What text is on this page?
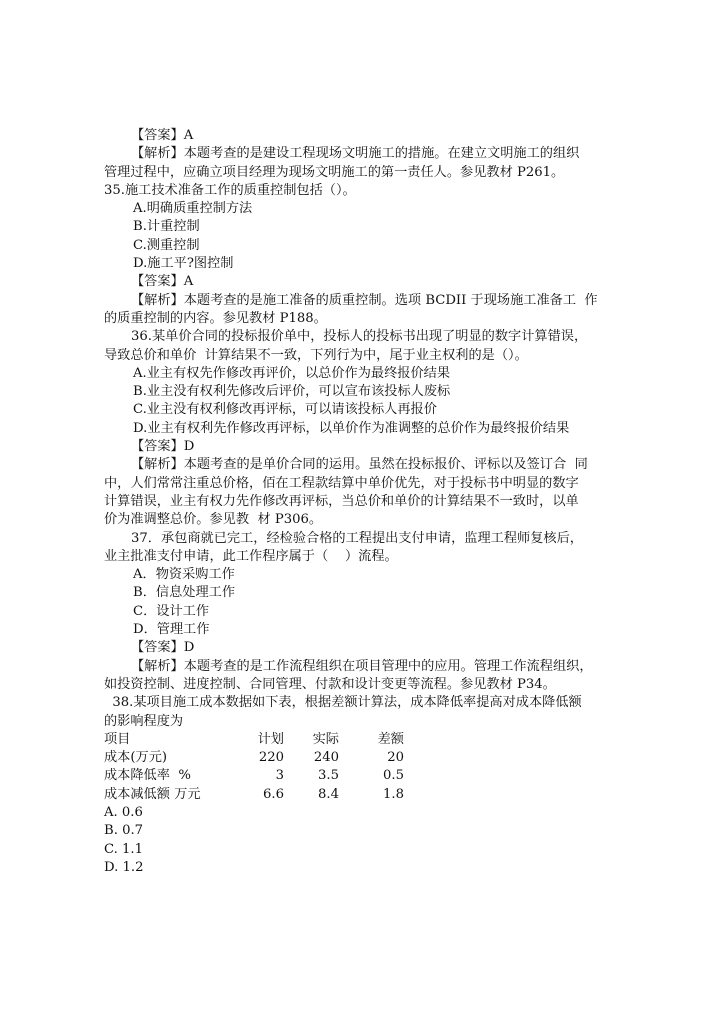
【答案】A
【解析】本题考查的是建设工程现场文明施工的措施。在建立文明施工的组织
管理过程中，应确立项目经理为现场文明施工的第一责任人。参见教材 P261。
35.施工技术准备工作的质重控制包括（）。
A.明确质重控制方法
B.计重控制
C.测重控制
D.施工平?图控制
【答案】A
【解析】本题考查的是施工准备的质重控制。选项 BCDII 于现场施工准备工  作
的质重控制的内容。参见教材 P188。
36.某单价合同的投标报价单中，投标人的投标书出现了明显的数字计算错误，
导致总价和单价  计算结果不一致，下列行为中，尾于业主权利的是（）。
A.业主有权先作修改再评价，以总价作为最终报价结果
B.业主没有权利先修改后评价，可以宣布该投标人废标
C.业主没有权利修改再评标，可以请该投标人再报价
D.业主有权利先作修改再评标，以单价作为准调整的总价作为最终报价结果
【答案】D
【解析】本题考查的是单价合同的运用。虽然在投标报价、评标以及签订合  同
中，人们常常注重总价格，佰在工程款结算中单价优先，对于投标书中明显的数字
计算错误，业主有权力先作修改再评标，当总价和单价的计算结果不一致时，以单
价为准调整总价。参见教  材 P306。
37．承包商就已完工，经检验合格的工程提出支付申请，监理工程师复核后，
业主批准支付申请，此工作程序属于（    ）流程。
A．物资采购工作
B．信息处理工作
C．设计工作
D．管理工作
【答案】D
【解析】本题考查的是工作流程组织在项目管理中的应用。管理工作流程组织，
如投资控制、进度控制、合同管理、付款和设计变更等流程。参见教材 P34。
38.某项目施工成本数据如下表，根据差额计算法，成本降低率提高对成本降低额
的影响程度为
项目	计划	实际	差额
成本(万元)	220	240	20
成本降低率  %	3	3.5	0.5
成本减低额 万元	6.6	8.4	1.8
A. 0.6
B. 0.7
C. 1.1
D. 1.2
